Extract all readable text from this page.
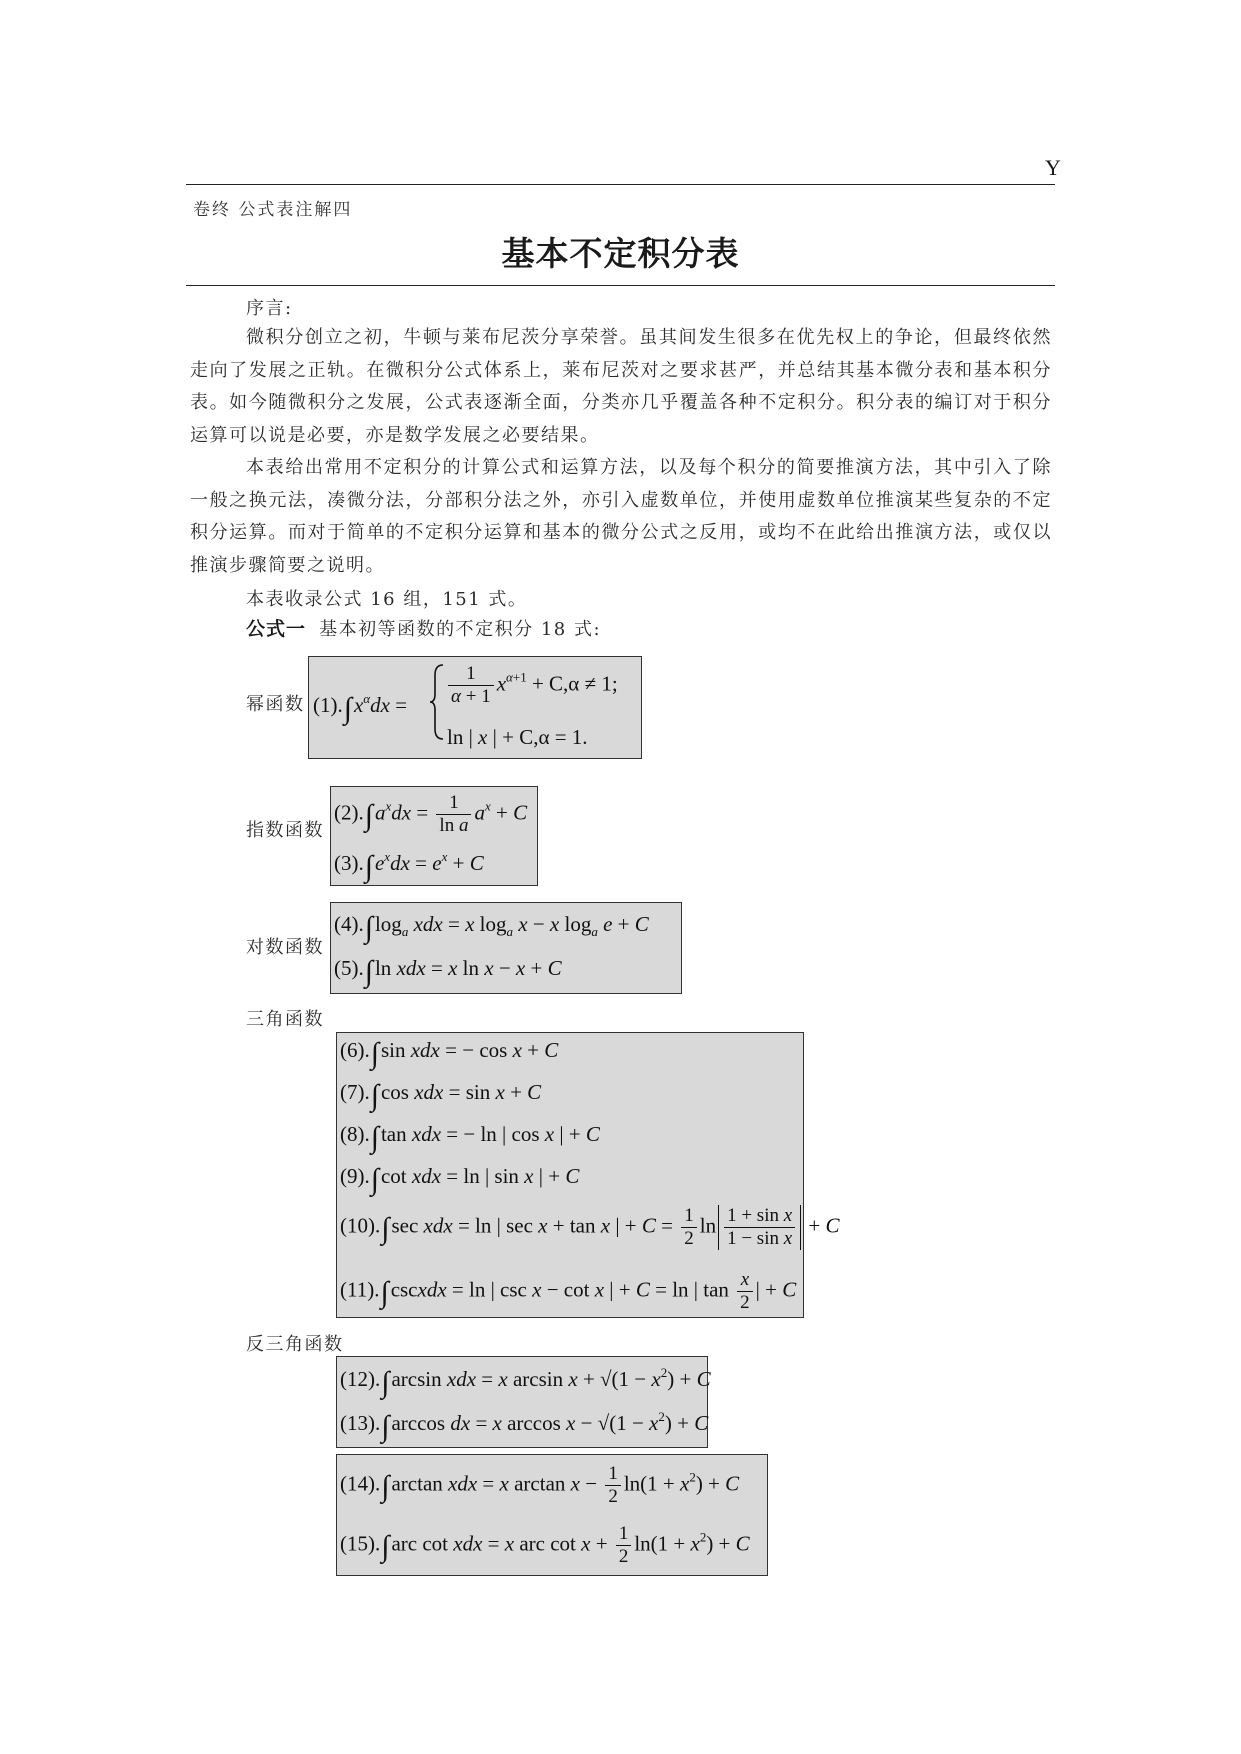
Y
卷终 公式表注解四
基本不定积分表
序言:
微积分创立之初，牛顿与莱布尼茨分享荣誉。虽其间发生很多在优先权上的争论，但最终依然走向了发展之正轨。在微积分公式体系上，莱布尼茨对之要求甚严，并总结其基本微分表和基本积分表。如今随微积分之发展，公式表逐渐全面，分类亦几乎覆盖各种不定积分。积分表的编订对于积分运算可以说是必要，亦是数学发展之必要结果。
本表给出常用不定积分的计算公式和运算方法，以及每个积分的简要推演方法，其中引入了除一般之换元法，凑微分法，分部积分法之外，亦引入虚数单位，并使用虚数单位推演某些复杂的不定积分运算。而对于简单的不定积分运算和基本的微分公式之反用，或均不在此给出推演方法，或仅以推演步骤简要之说明。
本表收录公式 16 组，151 式。
公式一 基本初等函数的不定积分 18 式:
幂函数 $(1).\int x^\alpha dx = \frac{1}{\alpha + 1} x^{\alpha+1} + C,\alpha \ne 1$;
ln | x | + C,α = 1.
指数函数
$(2).\int a^xdx = \frac{1}{\text{ln a}} a^x + C$
$(3).\int e^xdx = e^x + C$
对数函数
$(4).\int\log_a$ xdx = x $\log_a x - x$ $\log_a e + C$
(5).∫ln xdx = x ln x − x + C
三角函数
(6).∫sin xdx = − cos x + C
(7).∫cos xdx = sin x + C
(8).∫tan xdx = − ln | cos x | + C
(9).∫cot xdx = ln | sin x | + C
(10).∫sec xdx = ln | sec x + tan x | + $C = \frac{1}{2}$ $\ln \frac{\text{1 + sin x}}{\text{1 − sin x}} + C$
(11).∫cscxdx = ln | csc x − cot x | + C = ln | $\tan \frac{x}{2}$ | + C
反三角函数
(12).∫arcsin xdx = x $\arcsin x + √(1 - x^2) + C$
(13).∫arccos dx = x $\arccos x - √(1 - x^2) + C$
(14).∫arctan xdx = x $\arctan x - \frac{1}{2} \ln(1 + x^2) + C$
(15).∫arc cot xdx = x arc $\cot x + \frac{1}{2} \ln(1 + x^2) + C$
